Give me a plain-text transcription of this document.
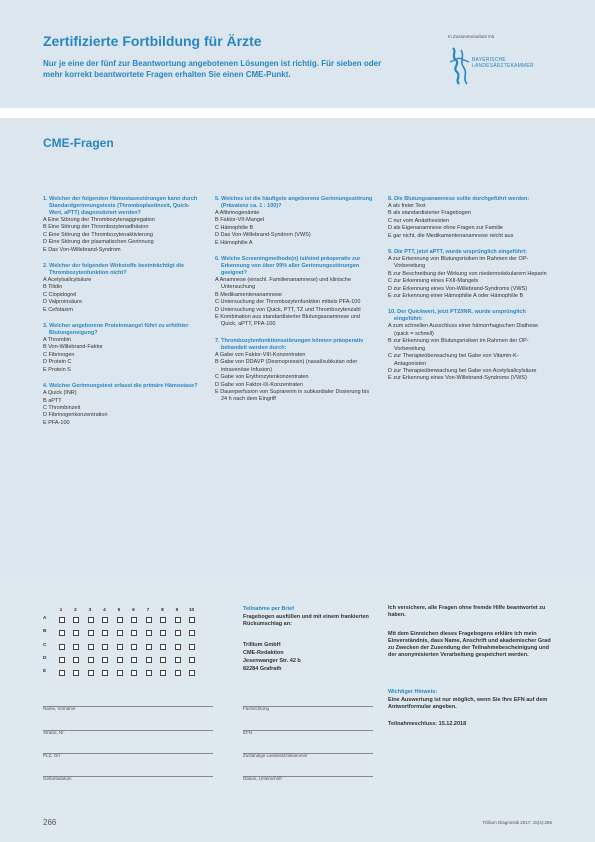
Zertifizierte Fortbildung für Ärzte
Nur je eine der fünf zur Beantwortung angebotenen Lösungen ist richtig. Für sieben oder mehr korrekt beantwortete Fragen erhalten Sie einen CME-Punkt.
In Zusammenarbeit mit
BAYERISCHE
LANDESÄRZTEKAMMER
CME-Fragen
1. Welcher der folgenden Hämostasestörungen kann durch Standardgerinnungstests (Thromboplastinzeit, Quick-Wert, aPTT) diagnostiziert werden?
A Eine Störung der Thrombozytenaggregation
B Eine Störung der Thrombozytenadhäsion
C Eine Störung der Thrombozytenaktivierung
D Eine Störung der plasmatischen Gerinnung
E Das Von-Willebrand-Syndrom
2. Welcher der folgenden Wirkstoffe beeinträchtigt die Thrombozytenfunktion nicht?
A Acetylsalicylsäure
B Tilidin
C Clopidogrel
D Valproinsäure
E Cefotaxim
3. Welcher angeborene Proteinmangel führt zu erhöhter Blutungsneigung?
A Thrombin
B Von-Willebrand-Faktor
C Fibrinogen
D Protein C
E Protein S
4. Welcher Gerinnungstest erfasst die primäre Hämostase?
A Quick (INR)
B aPTT
C Thrombinzeit
D Fibrinogenkonzentration
E PFA-100
5. Welches ist die häufigste angeborene Gerinnungsstörung (Prävalenz ca. 1 : 100)?
A Afibrinogenämie
B Faktor-VII-Mangel
C Hämophilie B
D Das Von-Willebrand-Syndrom (VWS)
E Hämophilie A
6. Welche Screeningmethode(n) ist/sind präoperativ zur Erkennung von über 99% aller Gerinnungsstörungen geeignet?
A Anamnese (einschl. Familienanamnese) und klinische Untersuchung
B Medikamentenanamnese
C Untersuchung der Thrombozytenfunktion mittels PFA-100
D Untersuchung von Quick, PTT, TZ und Thrombozytenzahl
E Kombination aus standardisierter Blutungsanamnese und Quick, aPTT, PFA-100
7. Thrombozytenfunktionsstörungen können präoperativ behandelt werden durch:
A Gabe von Faktor-VIII-Konzentraten
B Gabe von DDAVP (Desmopressin) (nasal/subkutan oder intravenöse Infusion)
C Gabe von Erythrozytenkonzentraten
D Gabe von Faktor-IX-Konzentraten
E Dauerperfusion von Suprarenin in subkardialer Dosierung bis 24 h nach dem Eingriff
8. Die Blutungsanamnese sollte durchgeführt werden:
A als freier Text
B als standardisierter Fragebogen
C nur vom Anästhesisten
D als Eigenanamnese ohne Fragen zur Familie
E gar nicht, die Medikamentenanamnese reicht aus
9. Die PTT, jetzt aPTT, wurde ursprünglich eingeführt:
A zur Erkennung von Blutungsrisiken im Rahmen der OP-Vorbereitung
B zur Beschreibung der Wirkung von niedermolekularem Heparin
C zur Erkennung eines FXII-Mangels
D zur Erkennung eines Von-Willebrand-Syndroms (VWS)
E zur Erkennung einer Hämophilie A oder Hämophilie B
10. Der Quickwert, jetzt PTZ/INR, wurde ursprünglich eingeführt:
A zum schnellen Ausschluss einer hämorrhagischen Diathese (quick = schnell)
B zur Erkennung von Blutungsrisiken im Rahmen der OP-Vorbereitung
C zur Therapieüberwachung bei Gabe von Vitamin-K-Antagonisten
D zur Therapieüberwachung bei Gabe von Acetylsalicylsäure
E zur Erkennung eines Von-Willebrand-Syndroms (VWS)
1	2	3	4	5	6	7	8	9	10
A
B
C
D
E
Teilnahme per Brief
Fragebogen ausfüllen und mit einem frankierten Rückumschlag an:
Trillium GmbH
CME-Redaktion
Jesenwanger Str. 42 b
82284 Grafrath
Ich versichere, alle Fragen ohne fremde Hilfe beantwortet zu haben.
Mit dem Einreichen dieses Fragebogens erkläre ich mein Einverständnis, dass Name, Anschrift und akademischer Grad zu Zwecken der Zusendung der Teilnahmebescheinigung und der anonymisierten Verarbeitung gespeichert werden.
Wichtiger Hinweis:
Eine Auswertung ist nur möglich, wenn Sie Ihre EFN auf dem Antwortformular angeben.
Teilnahmeschluss: 15.12.2018
Name, Vorname	Fachrichtung
Straße, Nr.	EFN
PLZ, Ort	Zuständige Landesärztekammer
Geburtsdatum	Datum, Unterschrift
266	Trillium Diagnostik 2017; 15(4):266
